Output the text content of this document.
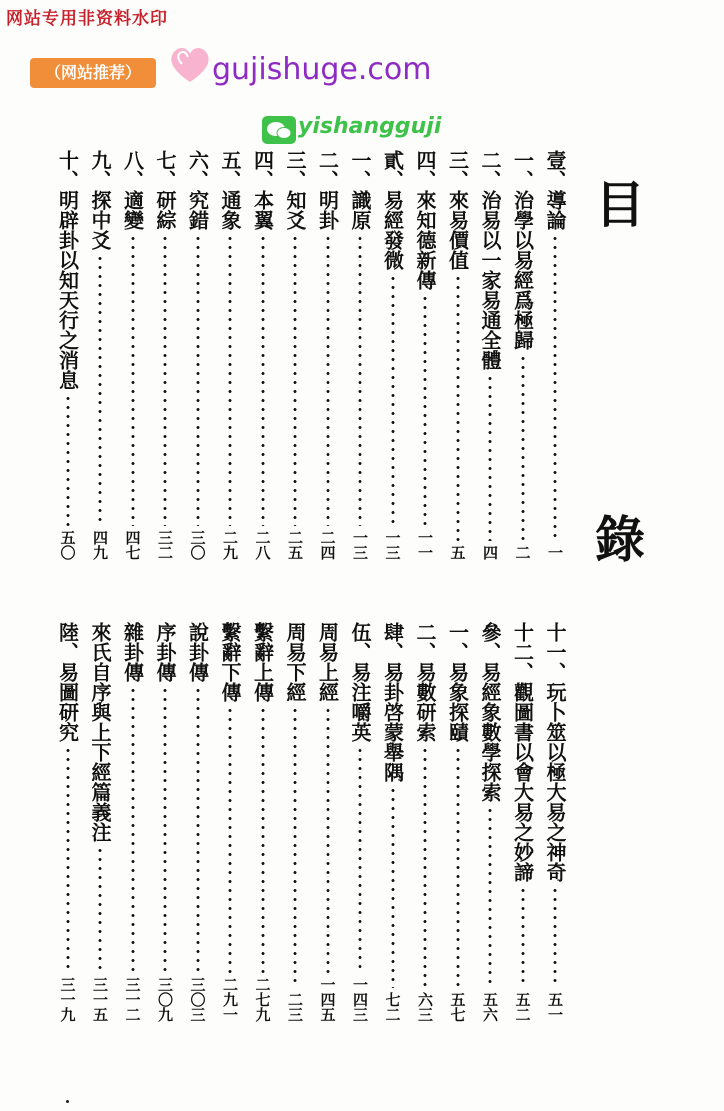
网站专用非资料水印
（网站推荐）	gujishuge.com
yishangguji
目
錄
壹、導論
一
一、治學以易經爲極歸
二
二、治易以一家易通全體
四
三、來易價值
五
四、來知德新傳
一一
貳、易經發微
一三
一、識原
一三
二、明卦
二四
三、知爻
二五
四、本翼
二八
五、通象
二九
六、究錯
三〇
七、研綜
三二
八、適變
四七
九、探中爻
四九
十、明辟卦以知天行之消息
五〇
十一、玩卜筮以極大易之神奇
五一
十二、觀圖書以會大易之妙諦
五二
參、易經象數學探索
五六
一、易象探賾
五七
二、易數研索
六三
肆、易卦啓蒙舉隅
七二
伍、易注嚼英
一四三
周易上經
一四五
周易下經
二三
繫辭上傳
二七九
繫辭下傳
二九一
說卦傳
三〇三
序卦傳
三〇九
雜卦傳
三一二
來氏自序與上下經篇義注
三一五
陸、易圖研究
三一九
